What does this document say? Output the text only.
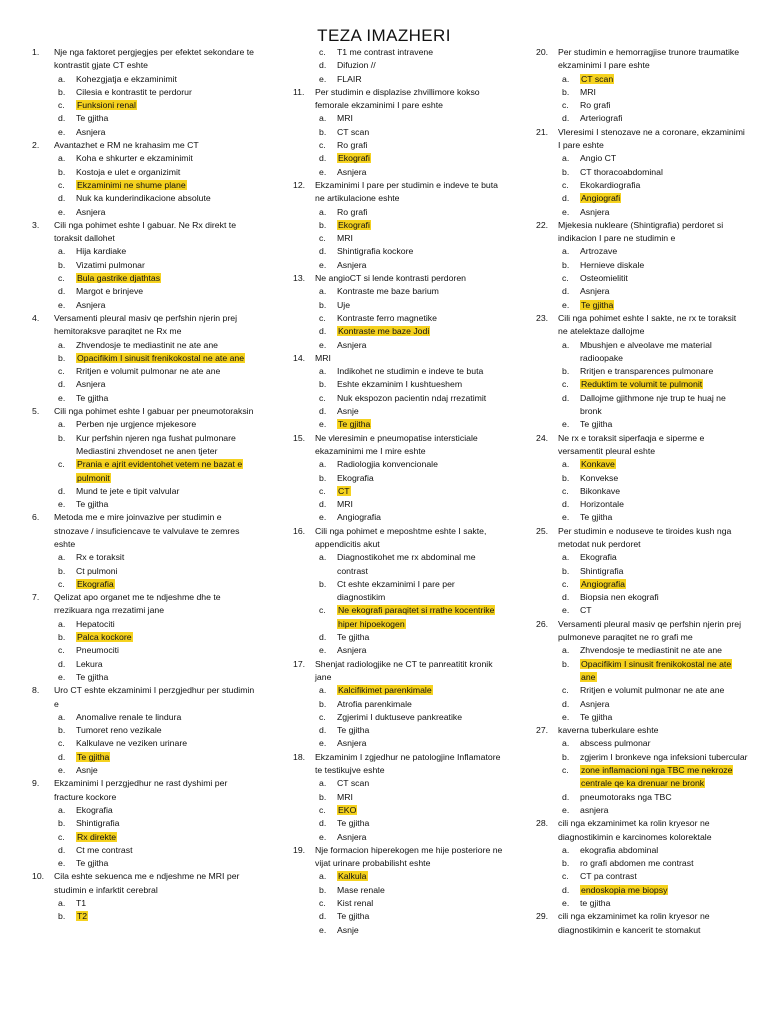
TEZA IMAZHERI
1.	Nje nga faktoret pergjegjes per efektet sekondare te kontrastit gjate CT eshte
a. Kohezgjatja e ekzaminimit
b. Cilesia e kontrastit te perdorur
c. Funksioni renal
d. Te gjitha
e. Asnjera
2.	Avantazhet e RM ne krahasim me CT
a. Koha e shkurter e ekzaminimit
b. Kostoja e ulet e organizimit
c. Ekzaminimi ne shume plane
d. Nuk ka kunderindikacione absolute
e. Asnjera
3.	Cili nga pohimet eshte I gabuar. Ne Rx direkt te toraksit dallohet
a. Hija kardiake
b. Vizatimi pulmonar
c. Bula gastrike djathtas
d. Margot e brinjeve
e. Asnjera
4.	Versamenti pleural masiv qe perfshin njerin prej hemitoraksve paraqitet ne Rx me
a. Zhvendosje te mediastinit ne ate ane
b. Opacifikim I sinusit frenikokostal ne ate ane
c. Rritjen e volumit pulmonar ne ate ane
d. Asnjera
e. Te gjitha
5.	Cili nga pohimet eshte I gabuar per pneumotoraksin
a. Perben nje urgjence mjekesore
b. Kur perfshin njeren nga fushat pulmonare Mediastini zhvendoset ne anen tjeter
c. Prania e ajrit evidentohet vetem ne bazat e pulmonit
d. Mund te jete e tipit valvular
e. Te gjitha
6.	Metoda me e mire joinvazive per studimin e stnozave / insuficiencave te valvulave te zemres eshte
a. Rx e toraksit
b. Ct pulmoni
c. Ekografia
7.	Qelizat apo organet me te ndjeshme dhe te rrezikuara nga rrezatimi jane
a. Hepatociti
b. Palca kockore
c. Pneumociti
d. Lekura
e. Te gjitha
8.	Uro CT eshte ekzaminimi I perzgjedhur per studimin e
a. Anomalive renale te lindura
b. Tumoret reno vezikale
c. Kalkulave ne veziken urinare
d. Te gjitha
e. Asnje
9.	Ekzaminimi I perzgjedhur ne rast dyshimi per fracture kockore
a. Ekografia
b. Shintigrafia
c. Rx direkte
d. Ct me contrast
e. Te gjitha
10.	Cila eshte sekuenca me e ndjeshme ne MRI per studimin e infarktit cerebral
a. T1
b. T2
c. T1 me contrast intravene
d. Difuzion //
e. FLAIR
11.	Per studimin e displazise zhvillimore kokso femorale ekzaminimi I pare eshte
a. MRI
b. CT scan
c. Ro grafi
d. Ekografi
e. Asnjera
12.	Ekzaminimi I pare per studimin e indeve te buta ne artikulacione eshte
a. Ro grafi
b. Ekografi
c. MRI
d. Shintigrafia kockore
e. Asnjera
13.	Ne angioCT si lende kontrasti perdoren
a. Kontraste me baze barium
b. Uje
c. Kontraste ferro magnetike
d. Kontraste me baze Jodi
e. Asnjera
14.	MRI
a. Indikohet ne studimin e indeve te buta
b. Eshte ekzaminim I kushtueshem
c. Nuk ekspozon pacientin ndaj rrezatimit
d. Asnje
e. Te gjitha
15.	Ne vleresimin e pneumopatise intersticiale ekazaminimi me I mire eshte
a. Radiologjia konvencionale
b. Ekografia
c. CT
d. MRI
e. Angiografia
16.	Cili nga pohimet e meposhtme eshte I sakte, appendicitis akut
a. Diagnostikohet me rx abdominal me contrast
b. Ct eshte ekzaminimi I pare per diagnostikim
c. Ne ekografi paraqitet si rrathe kocentrike hiper hipoekogen
d. Te gjitha
e. Asnjera
17.	Shenjat radiologjike ne CT te panreatitit kronik jane
a. Kalcifikimet parenkimale
b. Atrofia parenkimale
c. Zgjerimi I duktuseve pankreatike
d. Te gjitha
e. Asnjera
18.	Ekzaminim I zgjedhur ne patologjine Inflamatore te testikujve eshte
a. CT scan
b. MRI
c. EKO
d. Te gjitha
e. Asnjera
19.	Nje formacion hiperekogen me hije posteriore ne vijat urinare probabilisht eshte
a. Kalkula
b. Mase renale
c. Kist renal
d. Te gjitha
e. Asnje
20.	Per studimin e hemorragjise trunore traumatike ekzaminimi I pare eshte
a. CT scan
b. MRI
c. Ro grafi
d. Arteriografi
21.	Vleresimi I stenozave ne a coronare, ekzaminimi I pare eshte
a. Angio CT
b. CT thoracoabdominal
c. Ekokardiografia
d. Angiografi
e. Asnjera
22.	Mjekesia nukleare (Shintigrafia) perdoret si indikacion I pare ne studimin e
a. Artrozave
b. Hernieve diskale
c. Osteomielitit
d. Asnjera
e. Te gjitha
23.	Cili nga pohimet eshte I sakte, ne rx te toraksit ne atelektaze dallojme
a. Mbushjen e alveolave me material radioopake
b. Rritjen e transparences pulmonare
c. Reduktim te volumit te pulmonit
d. Dallojme gjithmone nje trup te huaj ne bronk
e. Te gjitha
24.	Ne rx e toraksit siperfaqja e siperme e versamentit pleural eshte
a. Konkave
b. Konvekse
c. Bikonkave
d. Horizontale
e. Te gjitha
25.	Per studimin e noduseve te tiroides kush nga metodat nuk perdoret
a. Ekografia
b. Shintigrafia
c. Angiografia
d. Biopsia nen ekografi
e. CT
26.	Versamenti pleural masiv qe perfshin njerin prej pulmoneve paraqitet ne ro grafi me
a. Zhvendosje te mediastinit ne ate ane
b. Opacifikim I sinusit frenikokostal ne ate ane
c. Rritjen e volumit pulmonar ne ate ane
d. Asnjera
e. Te gjitha
27.	kaverna tuberkulare eshte
a. abscess pulmonar
b. zgjerim I bronkeve nga infeksioni tubercular
c. zone inflamacioni nga TBC me nekroze centrale qe ka drenuar ne bronk
d. pneumotoraks nga TBC
e. asnjera
28.	cili nga ekzaminimet ka rolin kryesor ne diagnostikimin e karcinomes kolorektale
a. ekografia abdominal
b. ro grafi abdomen me contrast
c. CT pa contrast
d. endoskopia me biopsy
e. te gjitha
29.	cili nga ekzaminimet ka rolin kryesor ne diagnostikimin e kancerit te stomakut
